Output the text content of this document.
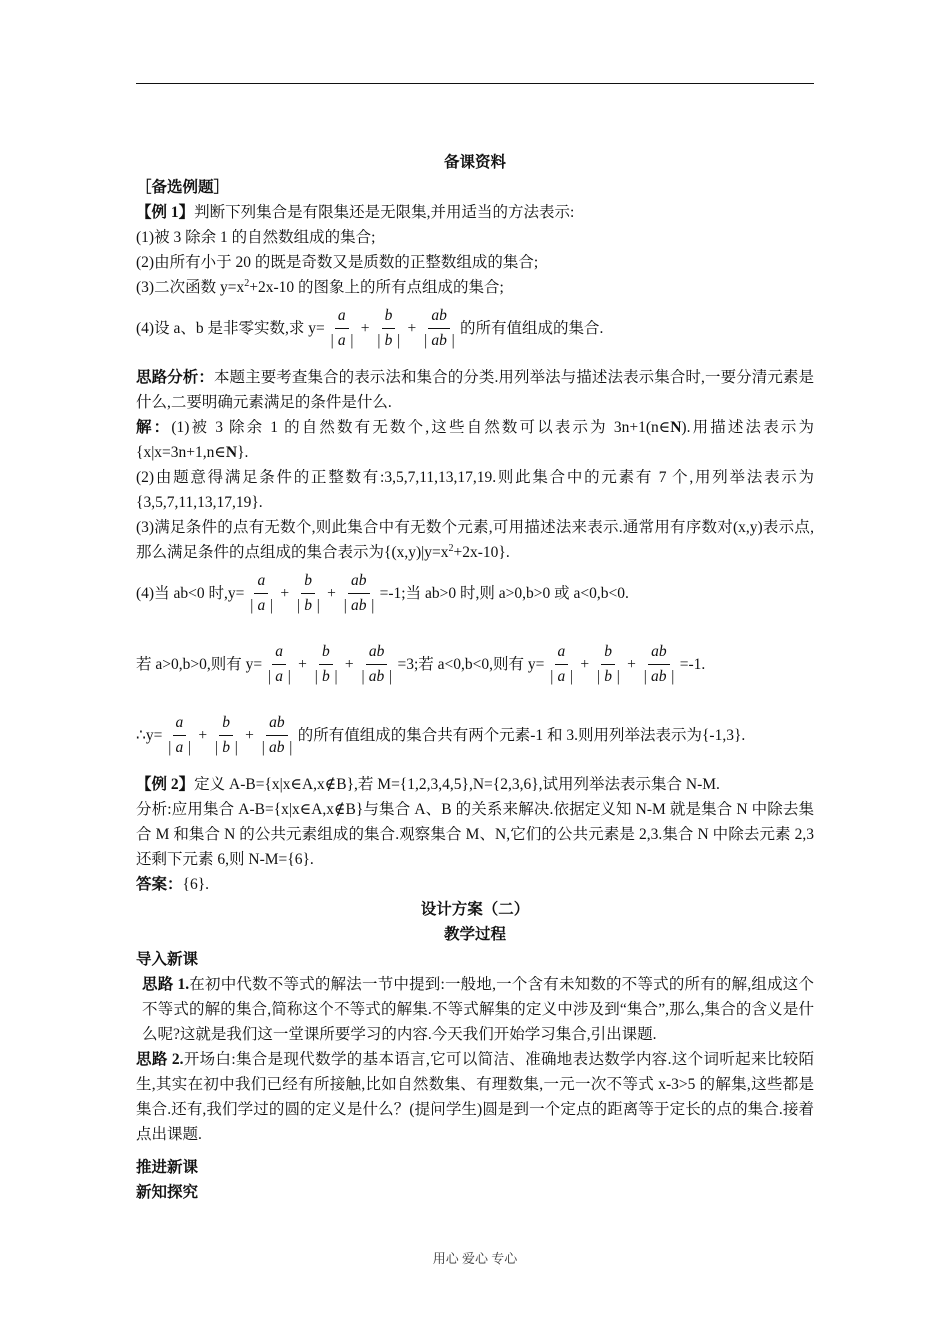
备课资料

［备选例题］

【例 1】判断下列集合是有限集还是无限集,并用适当的方法表示:

(1)被 3 除余 1 的自然数组成的集合;

(2)由所有小于 20 的既是奇数又是质数的正整数组成的集合;

(3)二次函数 $y=x^2+2x-10$ 的图象上的所有点组成的集合;

(4)设 a、b 是非零实数,求 $y= \frac{a}{| a |} + \frac{b}{| b |} + \frac{ab}{| ab |}$ 的所有值组成的集合.

思路分析：本题主要考查集合的表示法和集合的分类.用列举法与描述法表示集合时,一要分清元素是什么,二要明确元素满足的条件是什么.

解：(1)被 3 除余 1 的自然数有无数个,这些自然数可以表示为 3n+1(n∈N).用描述法表示为{x|x=3n+1,n∈N}.

(2)由题意得满足条件的正整数有:3,5,7,11,13,17,19.则此集合中的元素有 7 个,用列举法表示为{3,5,7,11,13,17,19}.

(3)满足条件的点有无数个,则此集合中有无数个元素,可用描述法来表示.通常用有序数对(x,y)表示点,那么满足条件的点组成的集合表示为$\{(x,y)|y=x^2+2x-10\}$.

(4)当 ab<0 时$,y= \frac{a}{| a |} + \frac{b}{| b |} + \frac{ab}{| ab |} =-1$;当 ab>0 时,则 a>0,b>0 或 a<0,b<0.
若 a>0,b>0,则有 $y= \frac{a}{| a |} + \frac{b}{| b |} + \frac{ab}{| ab |} =3$;若 a<0,b<0,则有 $y= \frac{a}{| a |} + \frac{b}{| b |} + \frac{ab}{| ab |} =-1$.
∴y= $\frac{a}{| a |} + \frac{b}{| b |} + \frac{ab}{| ab |}$ 的所有值组成的集合共有两个元素-1 和 3.则用列举法表示为{-1,3}.

【例 2】定义 A-B={x|x∈A,x∉B},若 M={1,2,3,4,5},N={2,3,6},试用列举法表示集合 N-M.

分析:应用集合 A-B={x|x∈A,x∉B}与集合 A、B 的关系来解决.依据定义知 N-M 就是集合 N 中除去集合 M 和集合 N 的公共元素组成的集合.观察集合 M、N,它们的公共元素是 2,3.集合 N 中除去元素 2,3 还剩下元素 6,则 N-M={6}.

答案：{6}.

设计方案（二）

教学过程

导入新课

思路 1.在初中代数不等式的解法一节中提到:一般地,一个含有未知数的不等式的所有的解,组成这个不等式的解的集合,简称这个不等式的解集.不等式解集的定义中涉及到“集合”,那么,集合的含义是什么呢?这就是我们这一堂课所要学习的内容.今天我们开始学习集合,引出课题.

思路 2.开场白:集合是现代数学的基本语言,它可以简洁、准确地表达数学内容.这个词听起来比较陌生,其实在初中我们已经有所接触,比如自然数集、有理数集,一元一次不等式 x-3>5 的解集,这些都是集合.还有,我们学过的圆的定义是什么？(提问学生)圆是到一个定点的距离等于定长的点的集合.接着点出课题.

推进新课

新知探究

用心 爱心 专心
